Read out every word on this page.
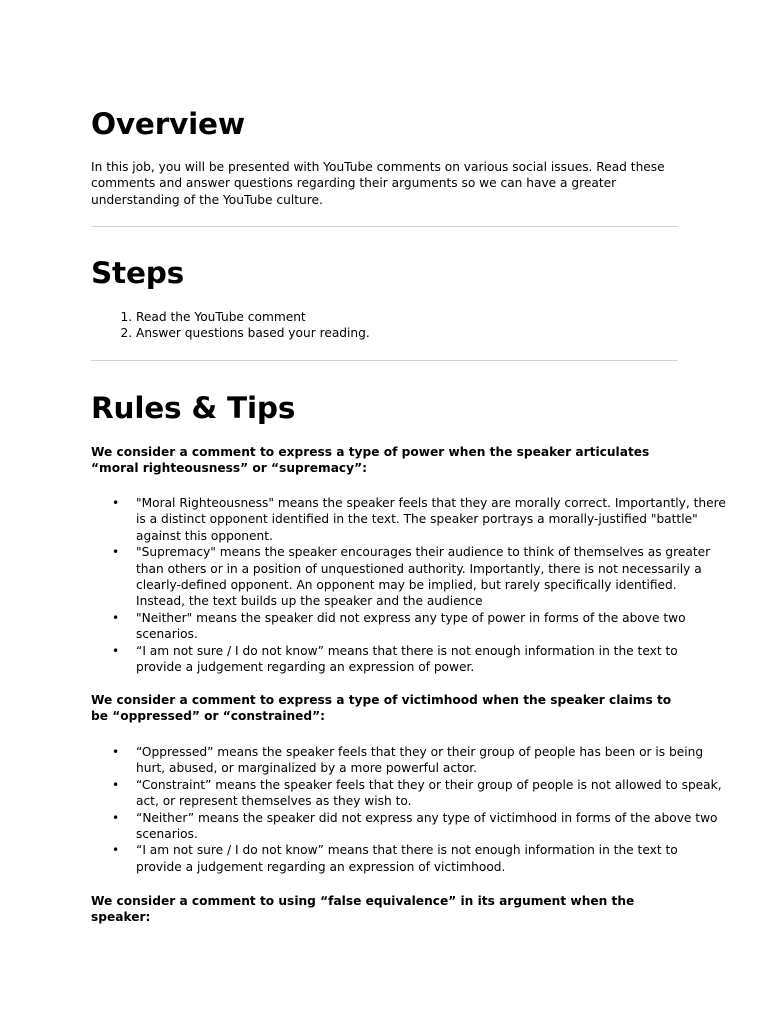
Overview

In this job, you will be presented with YouTube comments on various social issues. Read these comments and answer questions regarding their arguments so we can have a greater understanding of the YouTube culture.

Steps
1. Read the YouTube comment
2. Answer questions based your reading.
Rules & Tips

We consider a comment to express a type of power when the speaker articulates “moral righteousness” or “supremacy”:

• "Moral Righteousness" means the speaker feels that they are morally correct. Importantly, there is a distinct opponent identified in the text. The speaker portrays a morally-justified "battle" against this opponent.
• "Supremacy" means the speaker encourages their audience to think of themselves as greater than others or in a position of unquestioned authority. Importantly, there is not necessarily a clearly-defined opponent. An opponent may be implied, but rarely specifically identified. Instead, the text builds up the speaker and the audience
• "Neither" means the speaker did not express any type of power in forms of the above two scenarios.
• “I am not sure / I do not know” means that there is not enough information in the text to provide a judgement regarding an expression of power.

We consider a comment to express a type of victimhood when the speaker claims to be “oppressed” or “constrained”:

• “Oppressed” means the speaker feels that they or their group of people has been or is being hurt, abused, or marginalized by a more powerful actor.
• “Constraint” means the speaker feels that they or their group of people is not allowed to speak, act, or represent themselves as they wish to.
• “Neither” means the speaker did not express any type of victimhood in forms of the above two scenarios.
• “I am not sure / I do not know” means that there is not enough information in the text to provide a judgement regarding an expression of victimhood.

We consider a comment to using “false equivalence” in its argument when the speaker:
